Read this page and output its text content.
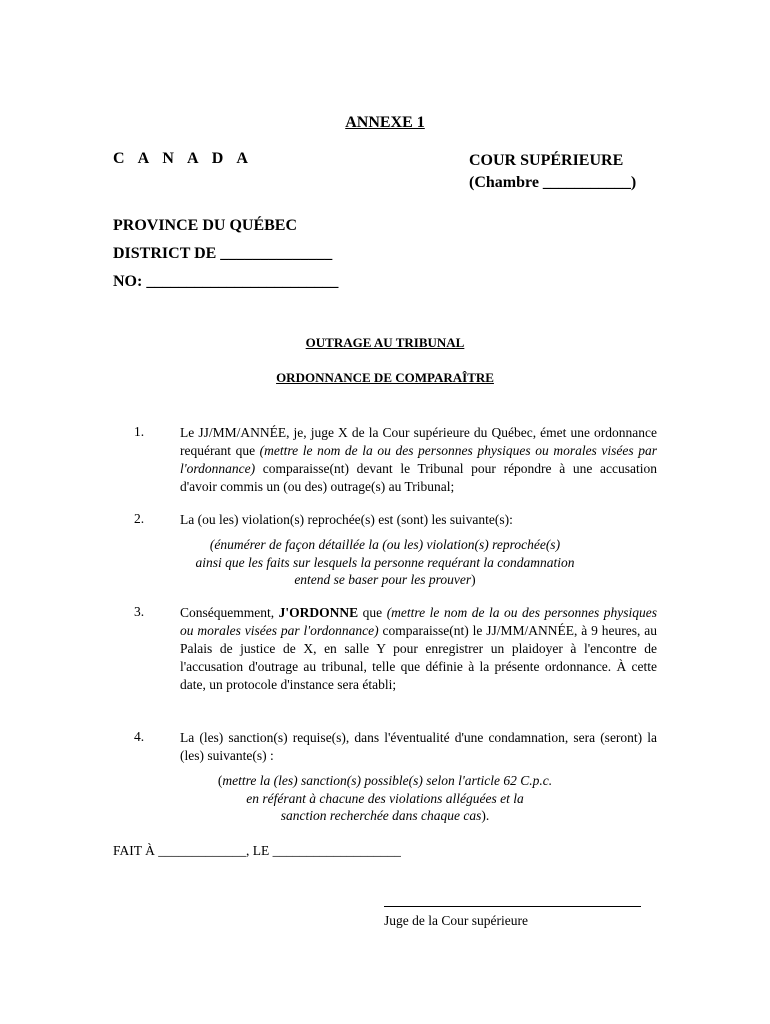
ANNEXE 1
C A N A D A	COUR SUPÉRIEURE
(Chambre ___________)
PROVINCE DU QUÉBEC
DISTRICT DE ______________
NO: ________________________
OUTRAGE AU TRIBUNAL
ORDONNANCE DE COMPARAÎTRE
1.	Le JJ/MM/ANNÉE, je, juge X de la Cour supérieure du Québec, émet une ordonnance requérant que (mettre le nom de la ou des personnes physiques ou morales visées par l'ordonnance) comparaisse(nt) devant le Tribunal pour répondre à une accusation d'avoir commis un (ou des) outrage(s) au Tribunal;
2.	La (ou les) violation(s) reprochée(s) est (sont) les suivante(s):
(énumérer de façon détaillée la (ou les) violation(s) reprochée(s)
ainsi que les faits sur lesquels la personne requérant la condamnation
entend se baser pour les prouver)
3.	Conséquemment, J'ORDONNE que (mettre le nom de la ou des personnes physiques ou morales visées par l'ordonnance) comparaisse(nt) le JJ/MM/ANNÉE, à 9 heures, au Palais de justice de X, en salle Y pour enregistrer un plaidoyer à l'encontre de l'accusation d'outrage au tribunal, telle que définie à la présente ordonnance. À cette date, un protocole d'instance sera établi;
4.	La (les) sanction(s) requise(s), dans l'éventualité d'une condamnation, sera (seront) la (les) suivante(s) :
(mettre la (les) sanction(s) possible(s) selon l'article 62 C.p.c.
en référant à chacune des violations alléguées et la
sanction recherchée dans chaque cas).
FAIT À _____________, LE ___________________
Juge de la Cour supérieure
